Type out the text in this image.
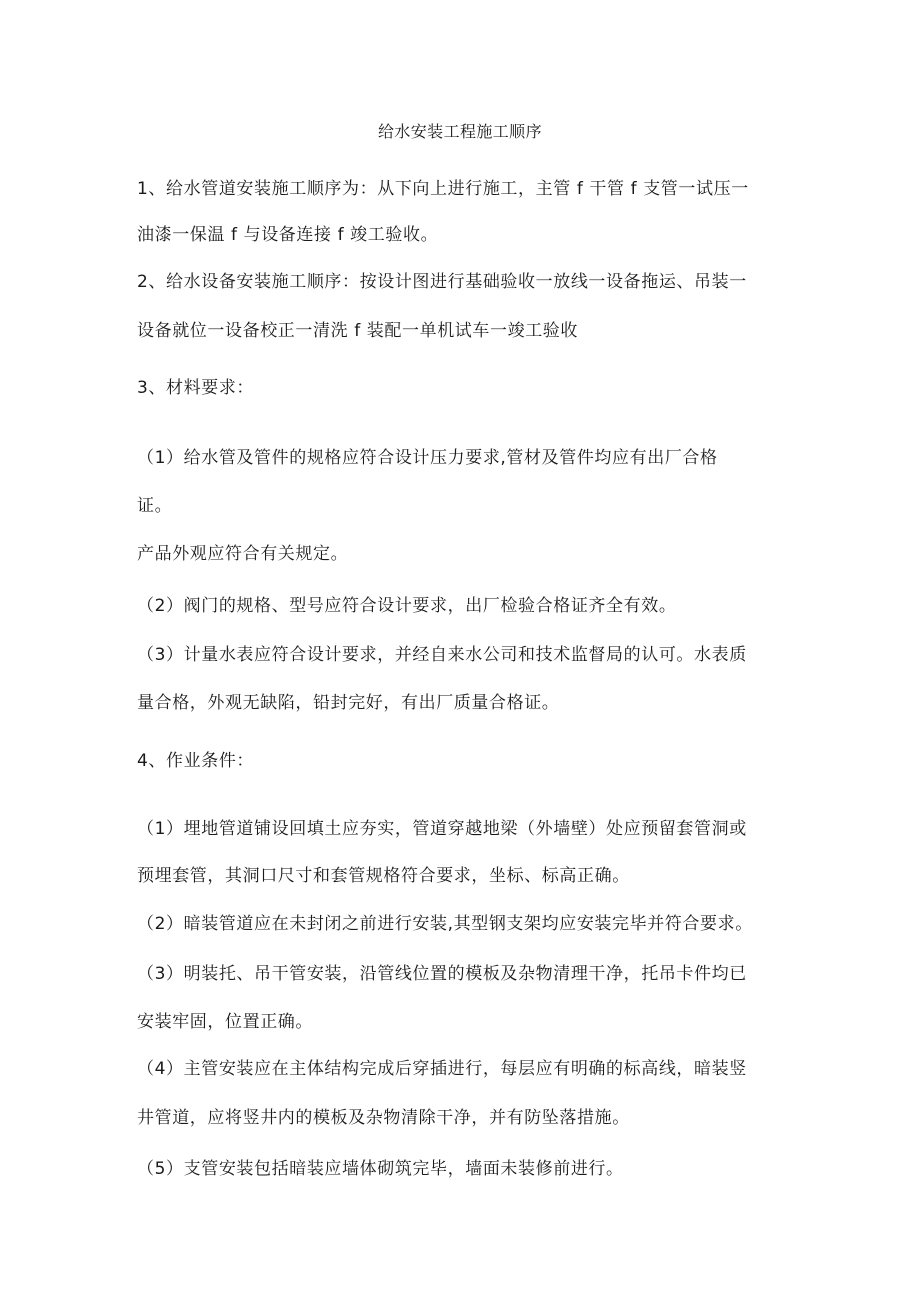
给水安装工程施工顺序
1、给水管道安装施工顺序为：从下向上进行施工，主管 f 干管 f 支管一试压一
油漆一保温 f 与设备连接 f 竣工验收。
2、给水设备安装施工顺序：按设计图进行基础验收一放线一设备拖运、吊装一
设备就位一设备校正一清洗 f 装配一单机试车一竣工验收
3、材料要求：
（1）给水管及管件的规格应符合设计压力要求,管材及管件均应有出厂合格
证。
产品外观应符合有关规定。
（2）阀门的规格、型号应符合设计要求，出厂检验合格证齐全有效。
（3）计量水表应符合设计要求，并经自来水公司和技术监督局的认可。水表质
量合格，外观无缺陷，铅封完好，有出厂质量合格证。
4、作业条件：
（1）埋地管道铺设回填土应夯实，管道穿越地梁（外墙壁）处应预留套管洞或
预埋套管，其洞口尺寸和套管规格符合要求，坐标、标高正确。
（2）暗装管道应在未封闭之前进行安装,其型钢支架均应安装完毕并符合要求。
（3）明装托、吊干管安装，沿管线位置的模板及杂物清理干净，托吊卡件均已
安装牢固，位置正确。
（4）主管安装应在主体结构完成后穿插进行，每层应有明确的标高线，暗装竖
井管道，应将竖井内的模板及杂物清除干净，并有防坠落措施。
（5）支管安装包括暗装应墙体砌筑完毕，墙面未装修前进行。
